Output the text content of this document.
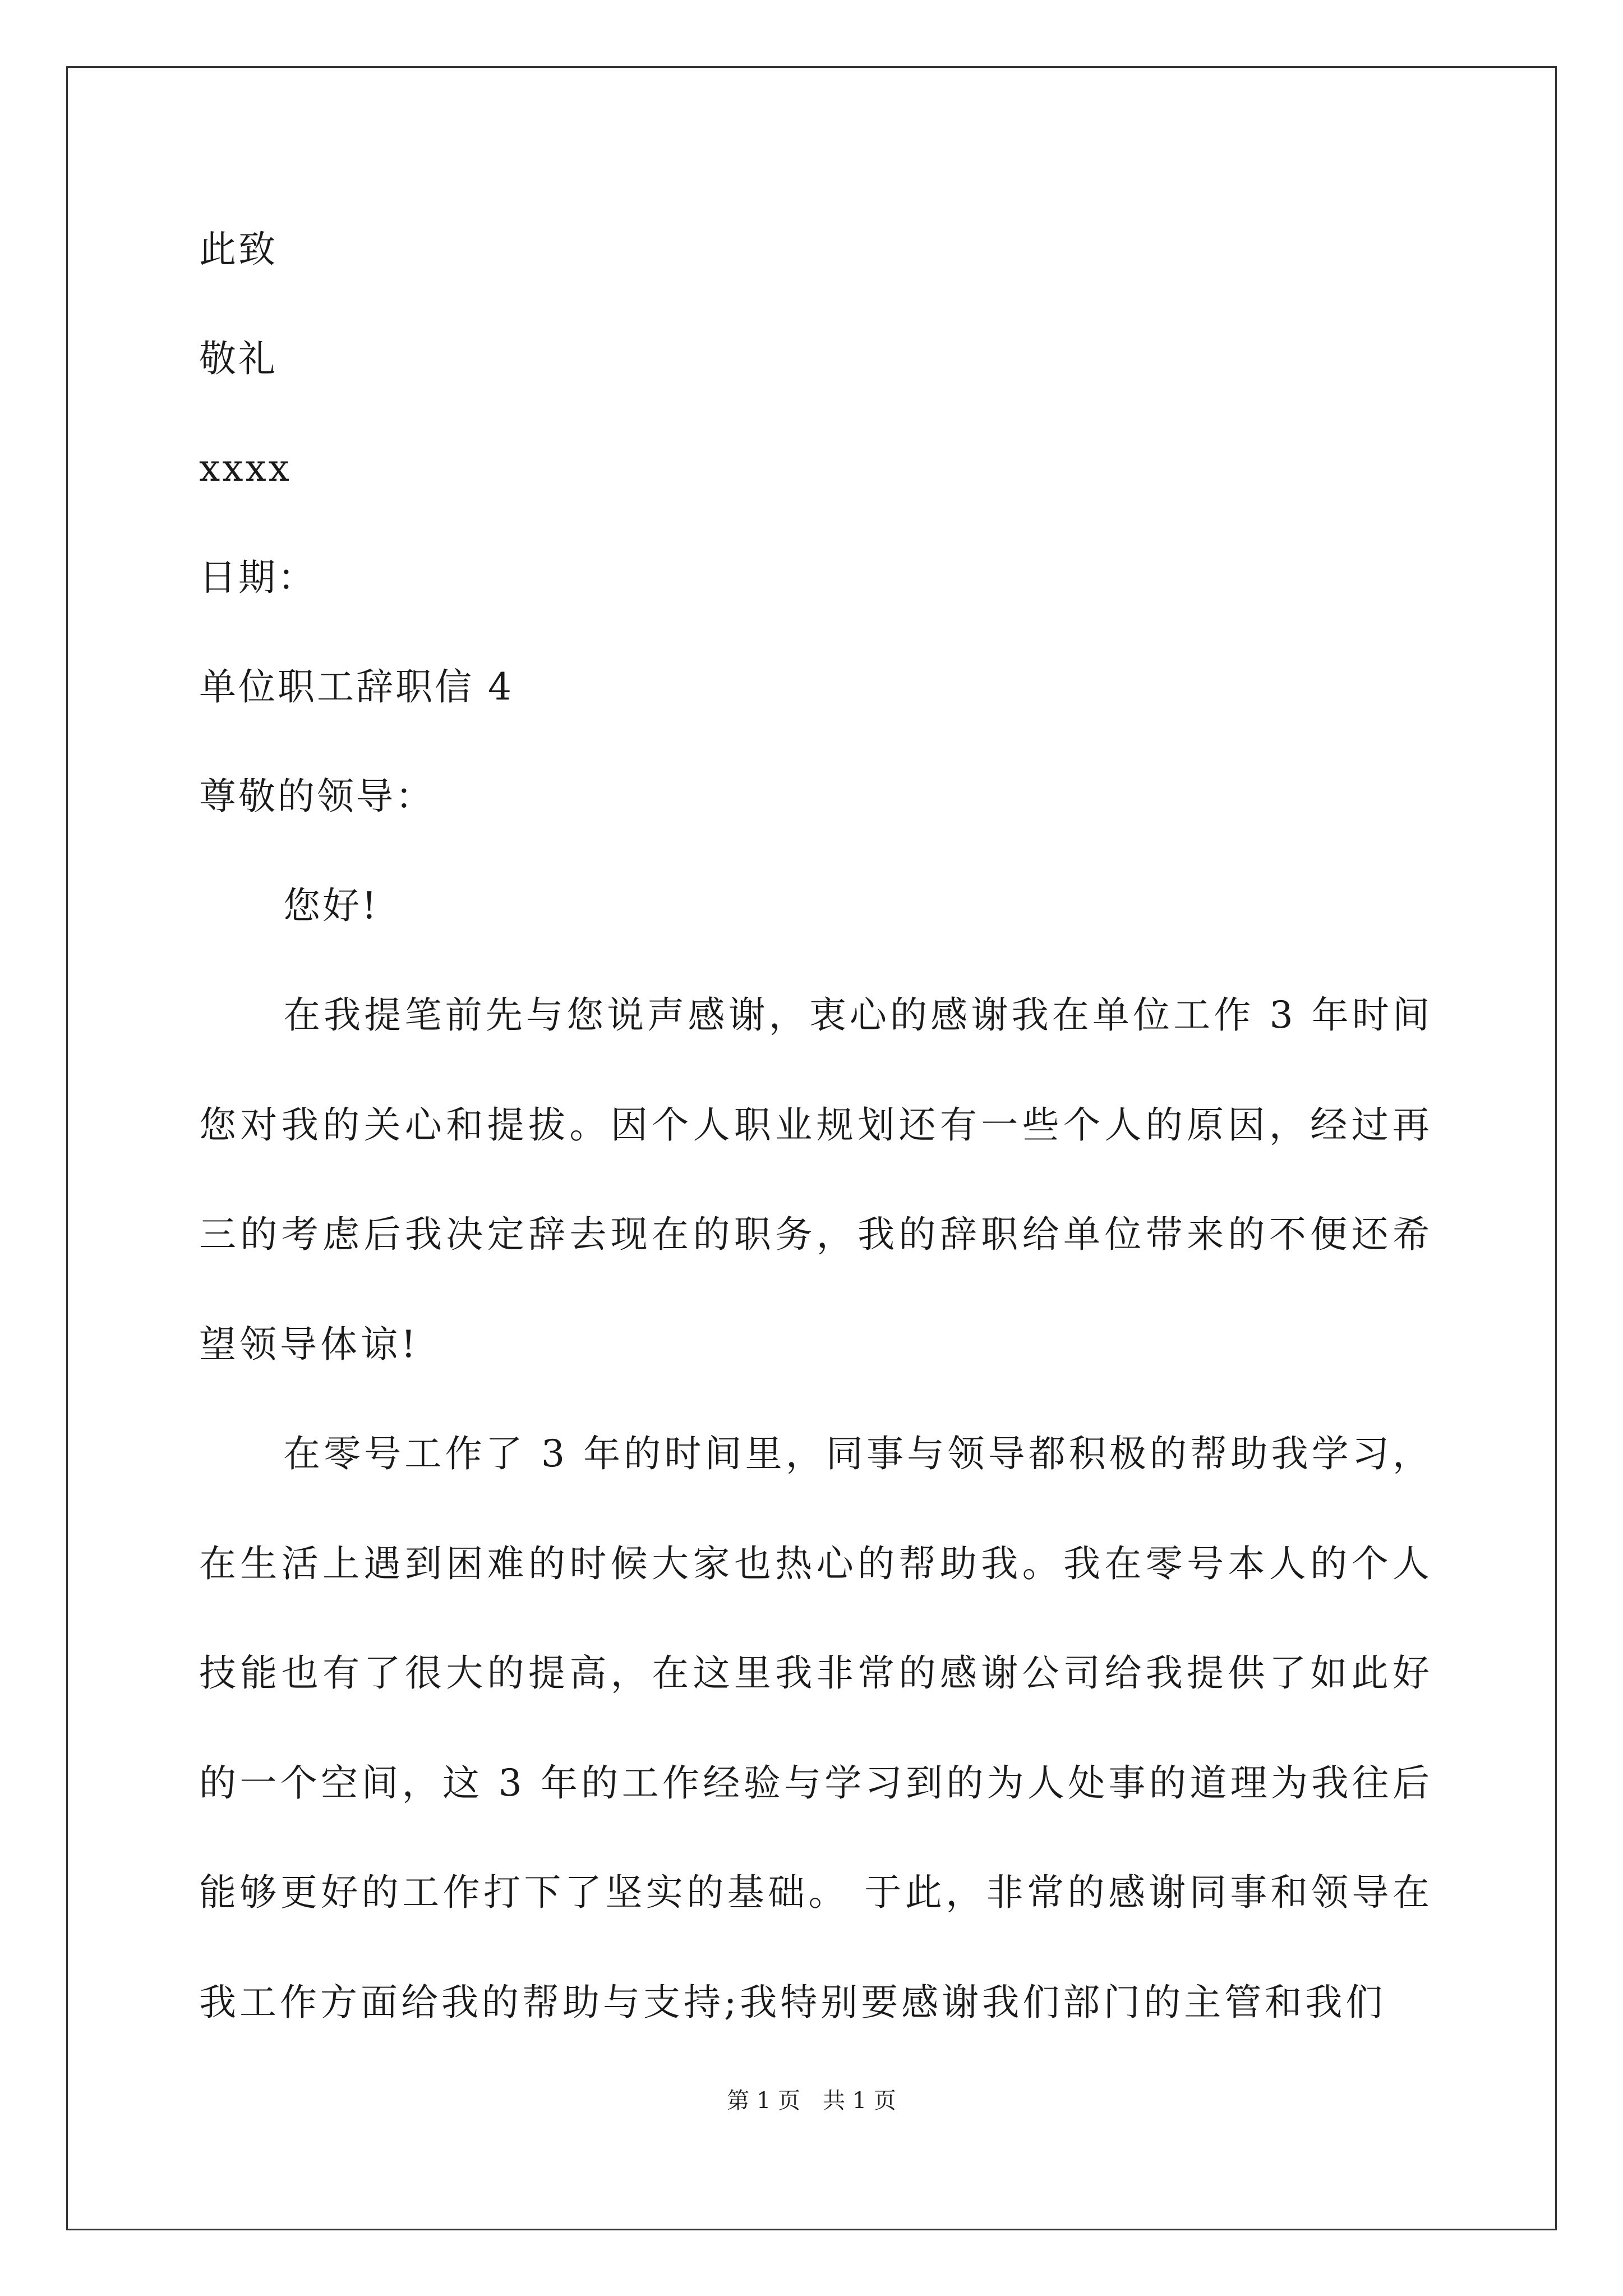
此致
敬礼
xxxx
日期：
单位职工辞职信 4
尊敬的领导：
您好!

在我提笔前先与您说声感谢，衷心的感谢我在单位工作 3 年时间您对我的关心和提拔。因个人职业规划还有一些个人的原因，经过再三的考虑后我决定辞去现在的职务，我的辞职给单位带来的不便还希望领导体谅!

在零号工作了 3 年的时间里，同事与领导都积极的帮助我学习，在生活上遇到困难的时候大家也热心的帮助我。我在零号本人的个人技能也有了很大的提高，在这里我非常的感谢公司给我提供了如此好的一个空间，这 3 年的工作经验与学习到的为人处事的道理为我往后能够更好的工作打下了坚实的基础。 于此，非常的感谢同事和领导在我工作方面给我的帮助与支持;我特别要感谢我们部门的主管和我们

第 1 页　共 1 页
